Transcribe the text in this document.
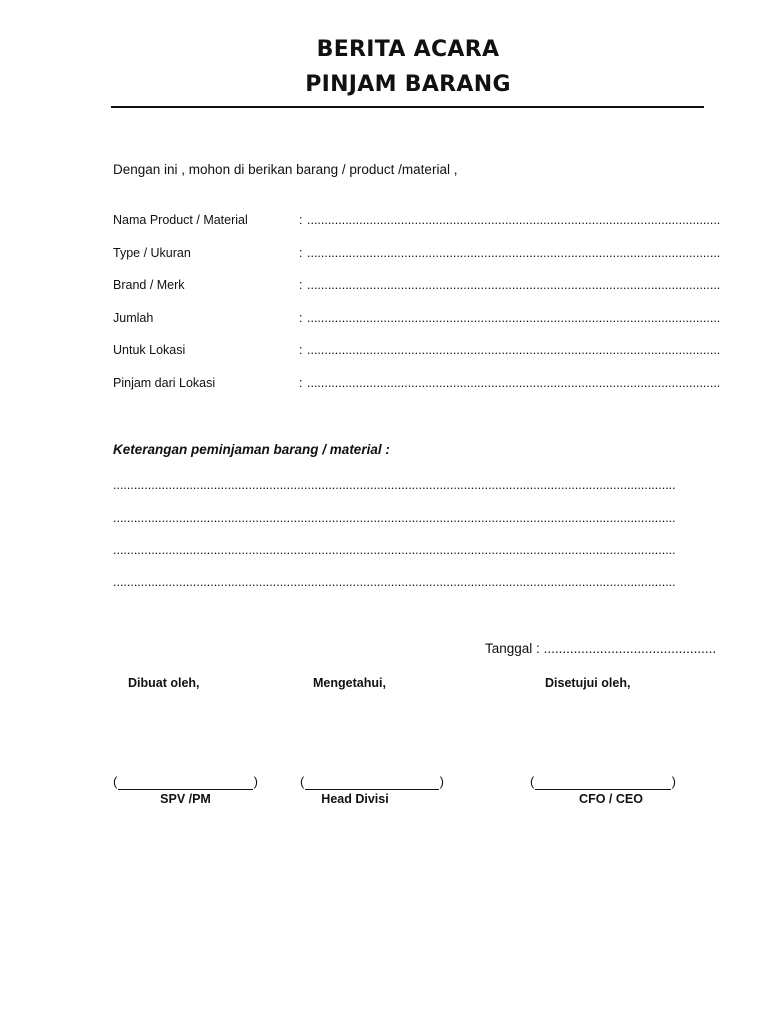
BERITA ACARA
PINJAM BARANG
Dengan ini , mohon di berikan barang / product /material ,
Nama Product / Material	: .......................................................................................................................
Type / Ukuran	: .......................................................................................................................
Brand / Merk	: .......................................................................................................................
Jumlah	: .......................................................................................................................
Untuk Lokasi	: .......................................................................................................................
Pinjam dari Lokasi	: .......................................................................................................................
Keterangan peminjaman barang / material :
..................................................................................................................................................................
..................................................................................................................................................................
..................................................................................................................................................................
..................................................................................................................................................................
Tanggal : ..............................................
Dibuat oleh,	Mengetahui,	Disetujui oleh,
(	)	(	)	(	)
SPV /PM	Head Divisi	CFO / CEO
